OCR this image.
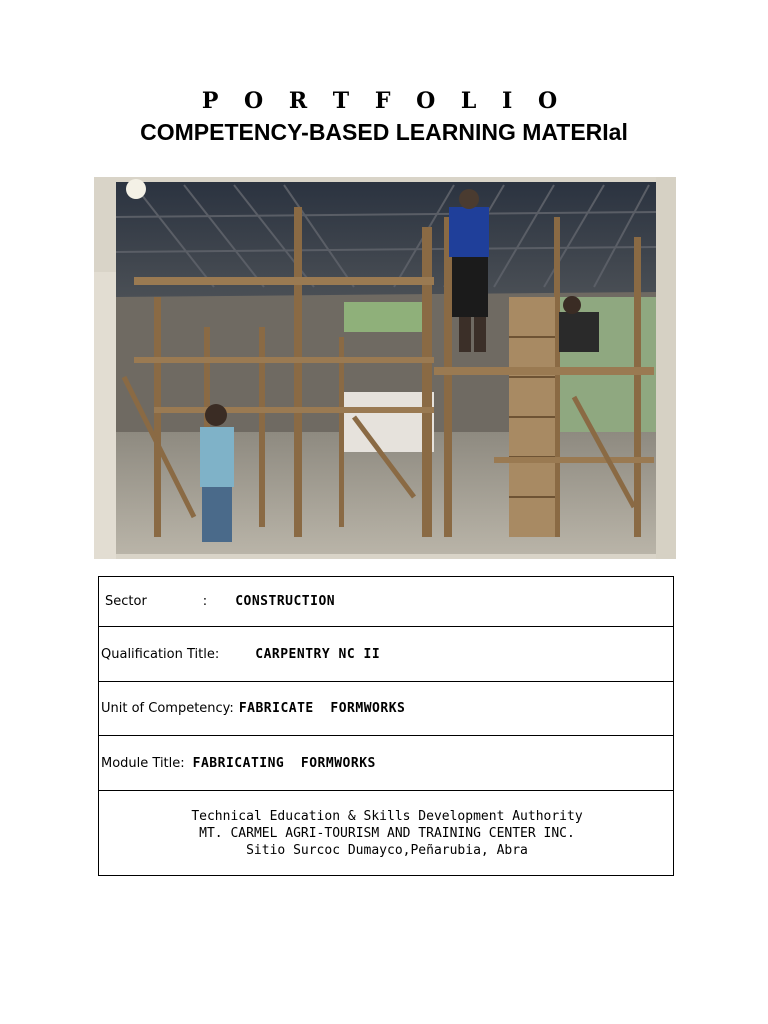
P O R T F O L I O
COMPETENCY-BASED LEARNING MATERIal
Sector	: CONSTRUCTION
Qualification Title:	CARPENTRY NC II
Unit of Competency: FABRICATE  FORMWORKS
Module Title: FABRICATING  FORMWORKS

Technical Education & Skills Development Authority
MT. CARMEL AGRI-TOURISM AND TRAINING CENTER INC.
Sitio Surcoc Dumayco,Peñarubia, Abra
